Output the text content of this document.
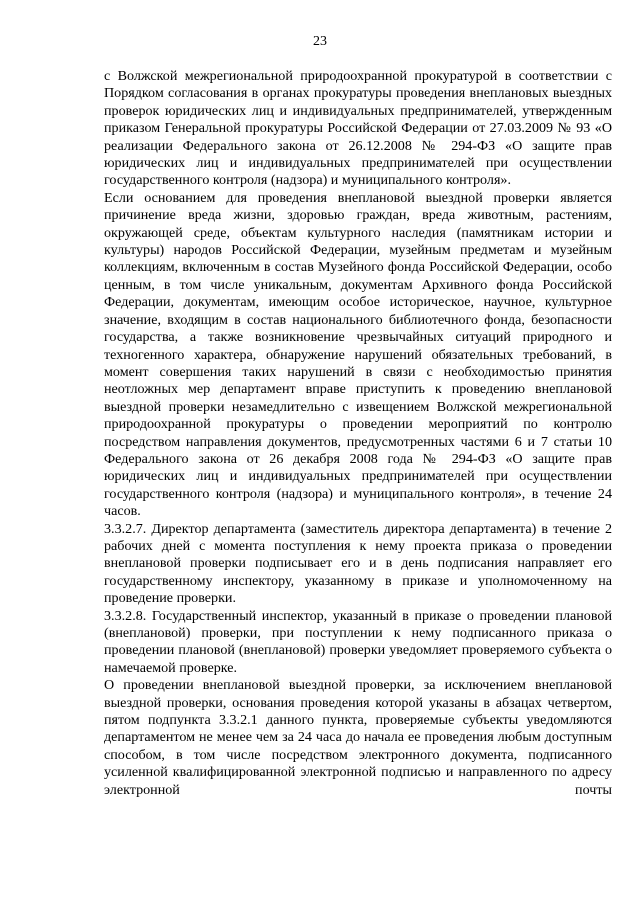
23

с Волжской межрегиональной природоохранной прокуратурой в соответствии с Порядком согласования в органах прокуратуры проведения внеплановых выездных проверок юридических лиц и индивидуальных предпринимателей, утвержденным приказом Генеральной прокуратуры Российской Федерации от 27.03.2009 № 93 «О реализации Федерального закона от 26.12.2008 № 294-ФЗ «О защите прав юридических лиц и индивидуальных предпринимателей при осуществлении государственного контроля (надзора) и муниципального контроля».

Если основанием для проведения внеплановой выездной проверки является причинение вреда жизни, здоровью граждан, вреда животным, растениям, окружающей среде, объектам культурного наследия (памятникам истории и культуры) народов Российской Федерации, музейным предметам и музейным коллекциям, включенным в состав Музейного фонда Российской Федерации, особо ценным, в том числе уникальным, документам Архивного фонда Российской Федерации, документам, имеющим особое историческое, научное, культурное значение, входящим в состав национального библиотечного фонда, безопасности государства, а также возникновение чрезвычайных ситуаций природного и техногенного характера, обнаружение нарушений обязательных требований, в момент совершения таких нарушений в связи с необходимостью принятия неотложных мер департамент вправе приступить к проведению внеплановой выездной проверки незамедлительно с извещением Волжской межрегиональной природоохранной прокуратуры о проведении мероприятий по контролю посредством направления документов, предусмотренных частями 6 и 7 статьи 10 Федерального закона от 26 декабря 2008 года № 294-ФЗ «О защите прав юридических лиц и индивидуальных предпринимателей при осуществлении государственного контроля (надзора) и муниципального контроля», в течение 24 часов.

3.3.2.7. Директор департамента (заместитель директора департамента) в течение 2 рабочих дней с момента поступления к нему проекта приказа о проведении внеплановой проверки подписывает его и в день подписания направляет его государственному инспектору, указанному в приказе и уполномоченному на проведение проверки.

3.3.2.8. Государственный инспектор, указанный в приказе о проведении плановой (внеплановой) проверки, при поступлении к нему подписанного приказа о проведении плановой (внеплановой) проверки уведомляет проверяемого субъекта о намечаемой проверке.

О проведении внеплановой выездной проверки, за исключением внеплановой выездной проверки, основания проведения которой указаны в абзацах четвертом, пятом подпункта 3.3.2.1 данного пункта, проверяемые субъекты уведомляются департаментом не менее чем за 24 часа до начала ее проведения любым доступным способом, в том числе посредством электронного документа, подписанного усиленной квалифицированной электронной подписью и направленного по адресу электронной почты
